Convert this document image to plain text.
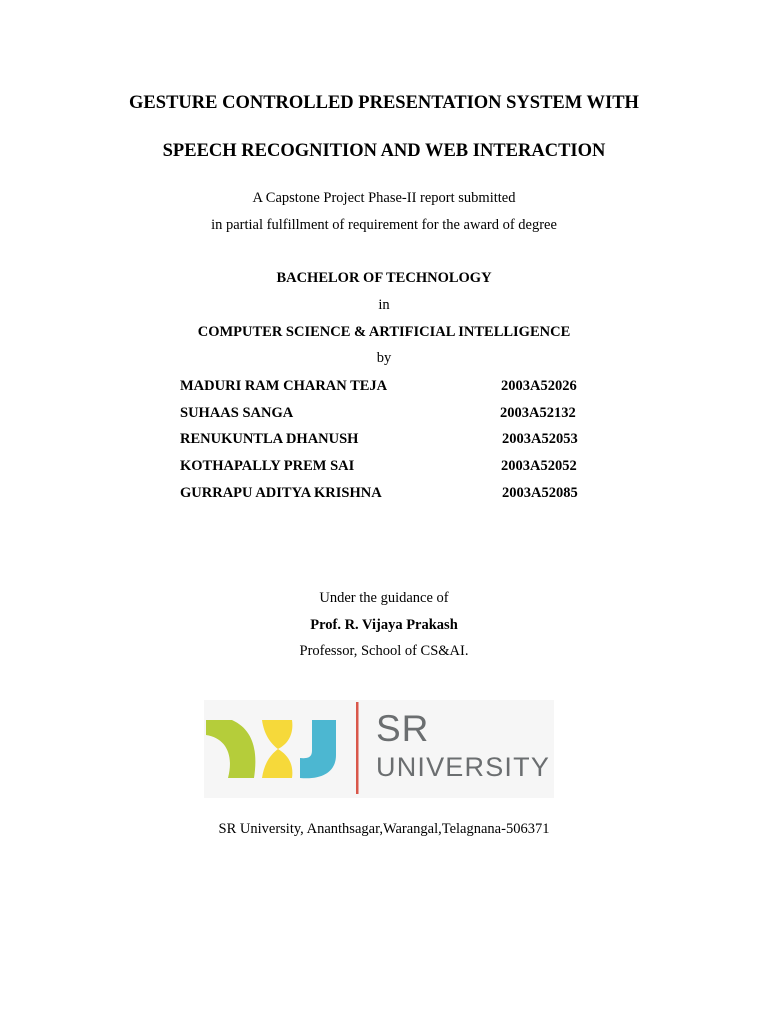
GESTURE CONTROLLED PRESENTATION SYSTEM WITH
SPEECH RECOGNITION AND WEB INTERACTION
A Capstone Project Phase-II report submitted
in partial fulfillment of requirement for the award of degree
BACHELOR OF TECHNOLOGY
in
COMPUTER SCIENCE & ARTIFICIAL INTELLIGENCE
by
MADURI RAM CHARAN TEJA	2003A52026
SUHAAS SANGA	2003A52132
RENUKUNTLA DHANUSH	2003A52053
KOTHAPALLY PREM SAI	2003A52052
GURRAPU ADITYA KRISHNA	2003A52085
Under the guidance of
Prof. R. Vijaya Prakash
Professor, School of CS&AI.
SR
UNIVERSITY
SR University, Ananthsagar,Warangal,Telagnana-506371
